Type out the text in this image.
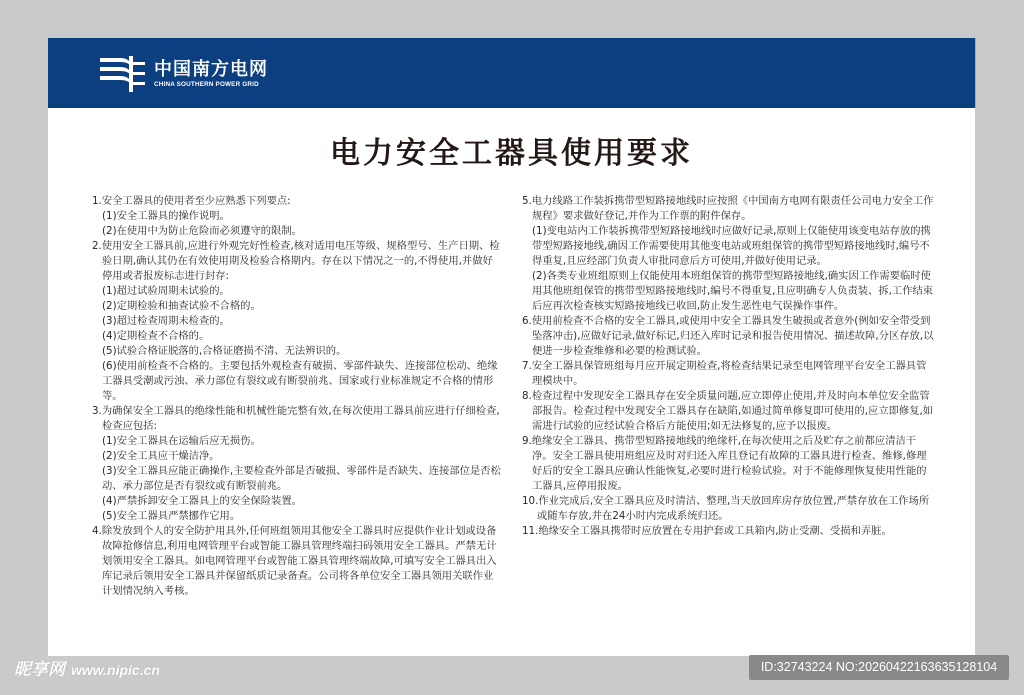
中国南方电网
CHINA SOUTHERN POWER GRID
电力安全工器具使用要求
1.安全工器具的使用者至少应熟悉下列要点:
(1)安全工器具的操作说明。
(2)在使用中为防止危险而必须遵守的限制。
2.使用安全工器具前,应进行外观完好性检查,核对适用电压等级、规格型号、生产日期、检验日期,确认其仍在有效使用期及检验合格期内。存在以下情况之一的,不得使用,并做好停用或者报废标志进行封存:
(1)超过试验周期未试验的。
(2)定期检验和抽查试验不合格的。
(3)超过检查周期未检查的。
(4)定期检查不合格的。
(5)试验合格证脱落的,合格证磨损不清、无法辨识的。
(6)使用前检查不合格的。主要包括外观检查有破损、零部件缺失、连接部位松动、绝缘工器具受潮或污浊、承力部位有裂纹或有断裂前兆、国家或行业标准规定不合格的情形等。
3.为确保安全工器具的绝缘性能和机械性能完整有效,在每次使用工器具前应进行仔细检查,检查应包括:
(1)安全工器具在运输后应无损伤。
(2)安全工具应干燥洁净。
(3)安全工器具应能正确操作,主要检查外部是否破损、零部件是否缺失、连接部位是否松动、承力部位是否有裂纹或有断裂前兆。
(4)严禁拆卸安全工器具上的安全保险装置。
(5)安全工器具严禁挪作它用。
4.除发放到个人的安全防护用具外,任何班组领用其他安全工器具时应提供作业计划或设备故障抢修信息,利用电网管理平台或智能工器具管理终端扫码领用安全工器具。严禁无计划领用安全工器具。如电网管理平台或智能工器具管理终端故障,可填写安全工器具出入库记录后领用安全工器具并保留纸质记录备查。公司将各单位安全工器具领用关联作业计划情况纳入考核。
5.电力线路工作装拆携带型短路接地线时应按照《中国南方电网有限责任公司电力安全工作规程》要求做好登记,并作为工作票的附件保存。
(1)变电站内工作装拆携带型短路接地线时应做好记录,原则上仅能使用该变电站存放的携带型短路接地线,确因工作需要使用其他变电站或班组保管的携带型短路接地线时,编号不得重复,且应经部门负责人审批同意后方可使用,并做好使用记录。
(2)各类专业班组原则上仅能使用本班组保管的携带型短路接地线,确实因工作需要临时使用其他班组保管的携带型短路接地线时,编号不得重复,且应明确专人负责装、拆,工作结束后应再次检查核实短路接地线已收回,防止发生恶性电气误操作事件。
6.使用前检查不合格的安全工器具,或使用中安全工器具发生破损或者意外(例如安全带受到坠落冲击),应做好记录,做好标记,归还入库时记录和报告使用情况、描述故障,分区存放,以便进一步检查维修和必要的检测试验。
7.安全工器具保管班组每月应开展定期检查,将检查结果记录至电网管理平台安全工器具管理模块中。
8.检查过程中发现安全工器具存在安全质量问题,应立即停止使用,并及时向本单位安全监管部报告。检查过程中发现安全工器具存在缺陷,如通过简单修复即可使用的,应立即修复,如需进行试验的应经试验合格后方能使用;如无法修复的,应予以报废。
9.绝缘安全工器具、携带型短路接地线的绝缘杆,在每次使用之后及贮存之前都应清洁干净。安全工器具使用班组应及时对归还入库且登记有故障的工器具进行检查、维修,修理好后的安全工器具应确认性能恢复,必要时进行检验试验。对于不能修理恢复使用性能的工器具,应停用报废。
10.作业完成后,安全工器具应及时清洁、整理,当天放回库房存放位置,严禁存放在工作场所或随车存放,并在24小时内完成系统归还。
11.绝缘安全工器具携带时应放置在专用护套或工具箱内,防止受潮、受损和弄脏。
昵享网 www.nipic.cn	ID:32743224 NO:20260422163635128104
